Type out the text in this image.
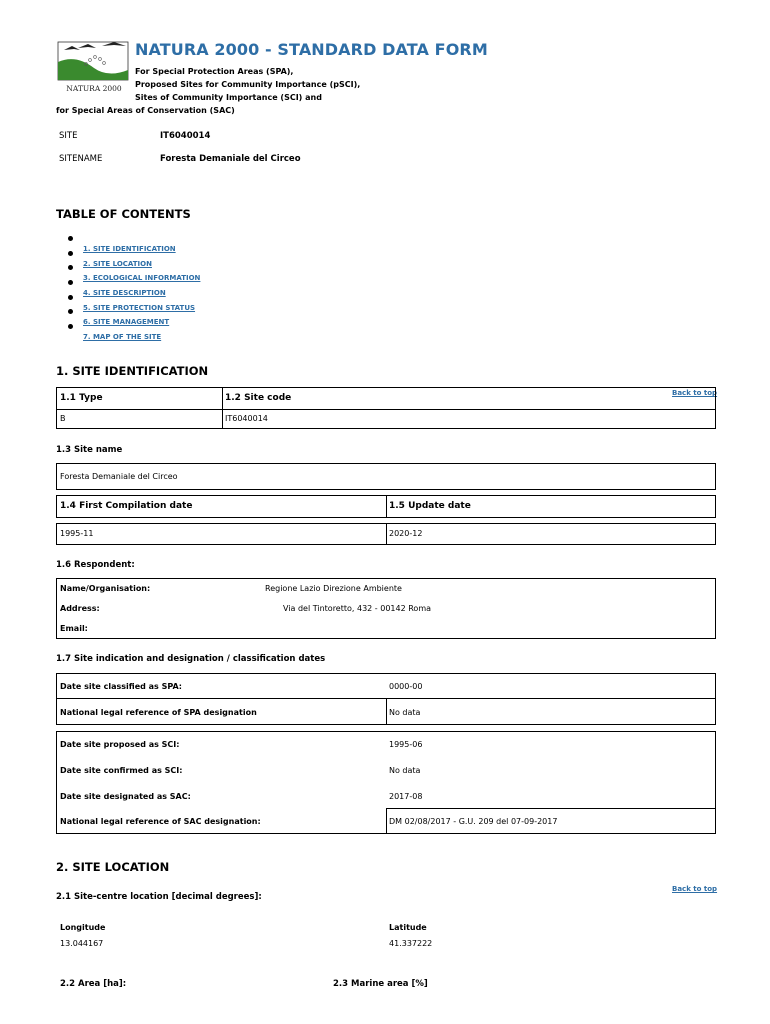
NATURA 2000
NATURA 2000 - STANDARD DATA FORM
For Special Protection Areas (SPA),
Proposed Sites for Community Importance (pSCI),
Sites of Community Importance (SCI) and
for Special Areas of Conservation (SAC)
SITE	IT6040014
SITENAME	Foresta Demaniale del Circeo
TABLE OF CONTENTS
1. SITE IDENTIFICATION
2. SITE LOCATION
3. ECOLOGICAL INFORMATION
4. SITE DESCRIPTION
5. SITE PROTECTION STATUS
6. SITE MANAGEMENT
7. MAP OF THE SITE
1. SITE IDENTIFICATION
Back to top
1.1 Type	1.2 Site code
B	IT6040014
1.3 Site name
Foresta Demaniale del Circeo
1.4 First Compilation date	1.5 Update date
1995-11	2020-12
1.6 Respondent:
Name/Organisation:	Regione Lazio Direzione Ambiente
Address:	Via del Tintoretto, 432 - 00142 Roma
Email:
1.7 Site indication and designation / classification dates
Date site classified as SPA:	0000-00
National legal reference of SPA designation	No data
Date site proposed as SCI:	1995-06
Date site confirmed as SCI:	No data
Date site designated as SAC:	2017-08
National legal reference of SAC designation:	DM 02/08/2017 - G.U. 209 del 07-09-2017
2. SITE LOCATION
Back to top
2.1 Site-centre location [decimal degrees]:
Longitude
13.044167
Latitude
41.337222
2.2 Area [ha]:	2.3 Marine area [%]
